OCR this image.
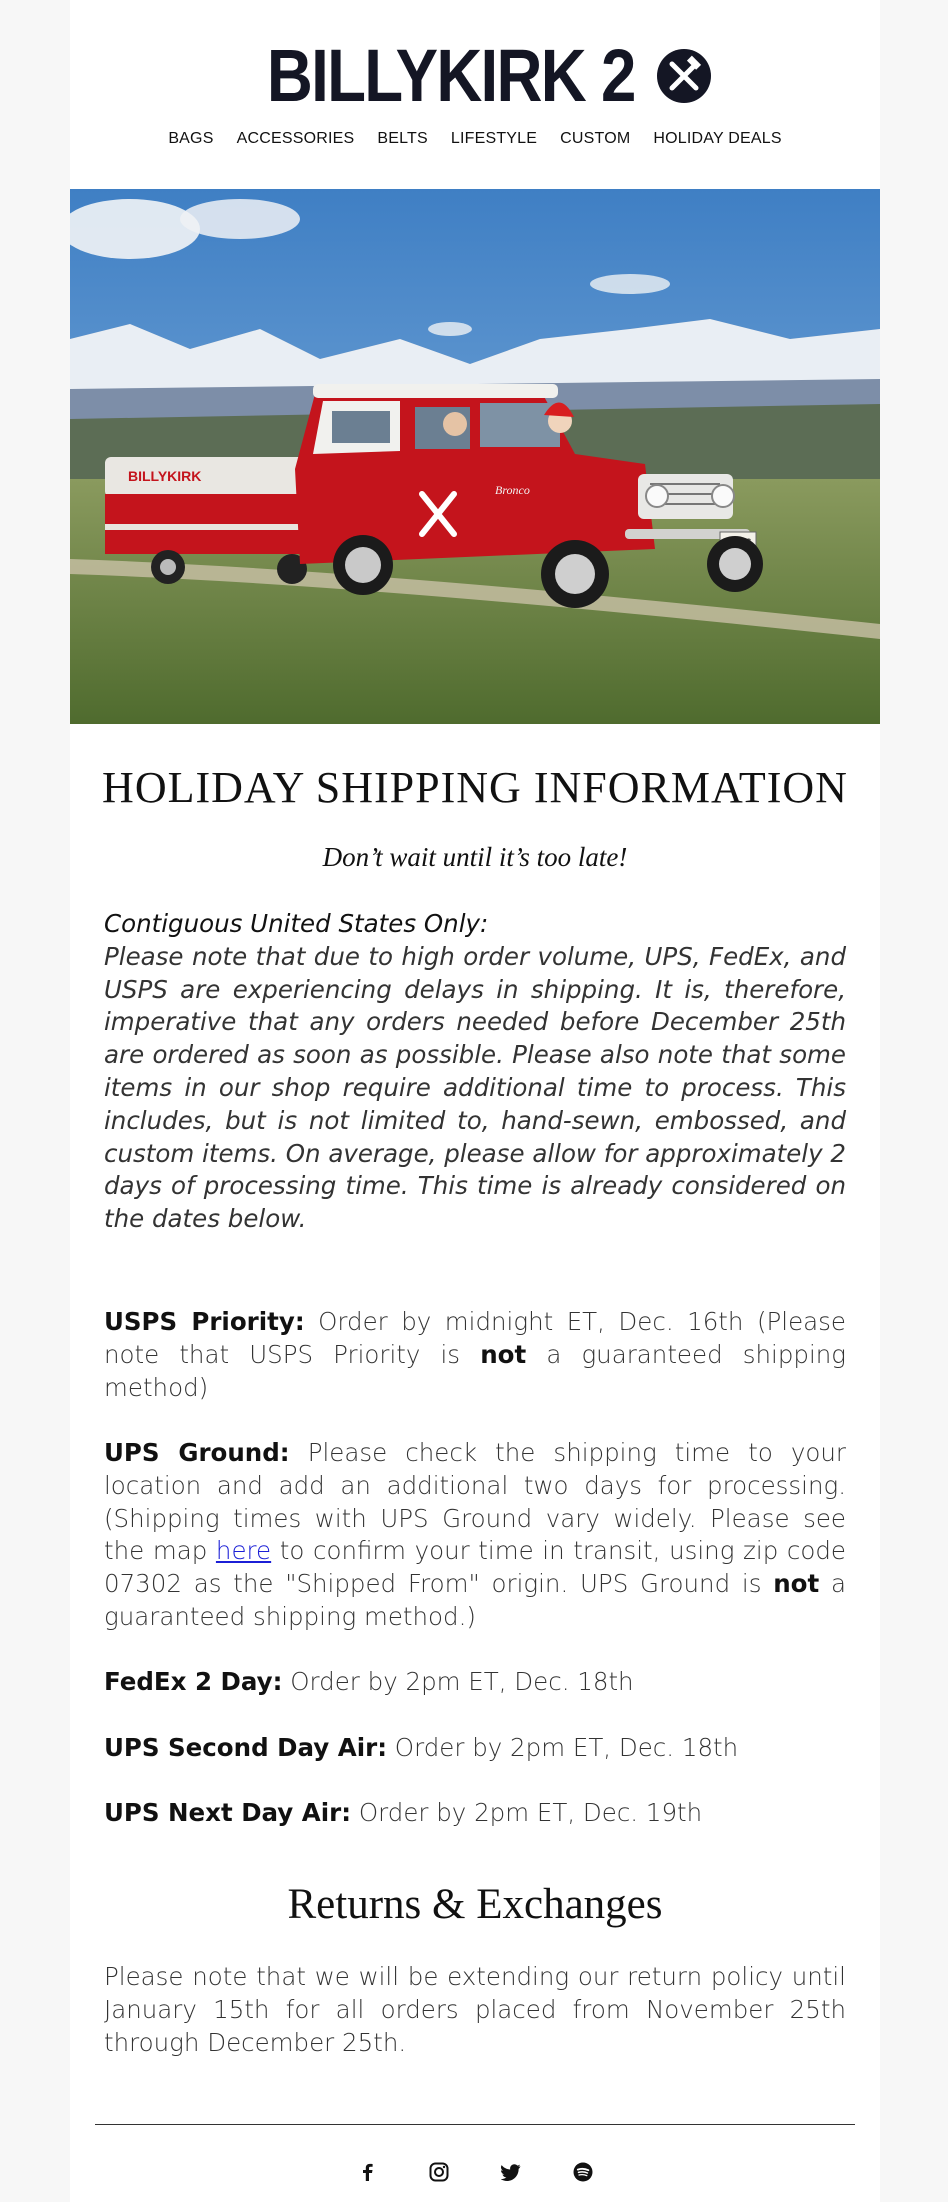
BILLYKIRK 2
BAGS ACCESSORIES BELTS LIFESTYLE CUSTOM HOLIDAY DEALS
BILLYKIRK
Bronco
HOLIDAY SHIPPING INFORMATION
Don’t wait until it’s too late!
Contiguous United States Only:
Please note that due to high order volume, UPS, FedEx, and USPS are experiencing delays in shipping. It is, therefore, imperative that any orders needed before December 25th are ordered as soon as possible. Please also note that some items in our shop require additional time to process. This includes, but is not limited to, hand-sewn, embossed, and custom items. On average, please allow for approximately 2 days of processing time. This time is already considered on the dates below.
USPS Priority: Order by midnight ET, Dec. 16th (Please note that USPS Priority is not a guaranteed shipping method)
UPS Ground: Please check the shipping time to your location and add an additional two days for processing. (Shipping times with UPS Ground vary widely. Please see the map here to confirm your time in transit, using zip code 07302 as the "Shipped From" origin. UPS Ground is not a guaranteed shipping method.)
FedEx 2 Day: Order by 2pm ET, Dec. 18th
UPS Second Day Air: Order by 2pm ET, Dec. 18th
UPS Next Day Air: Order by 2pm ET, Dec. 19th
Returns & Exchanges
Please note that we will be extending our return policy until January 15th for all orders placed from November 25th through December 25th.
